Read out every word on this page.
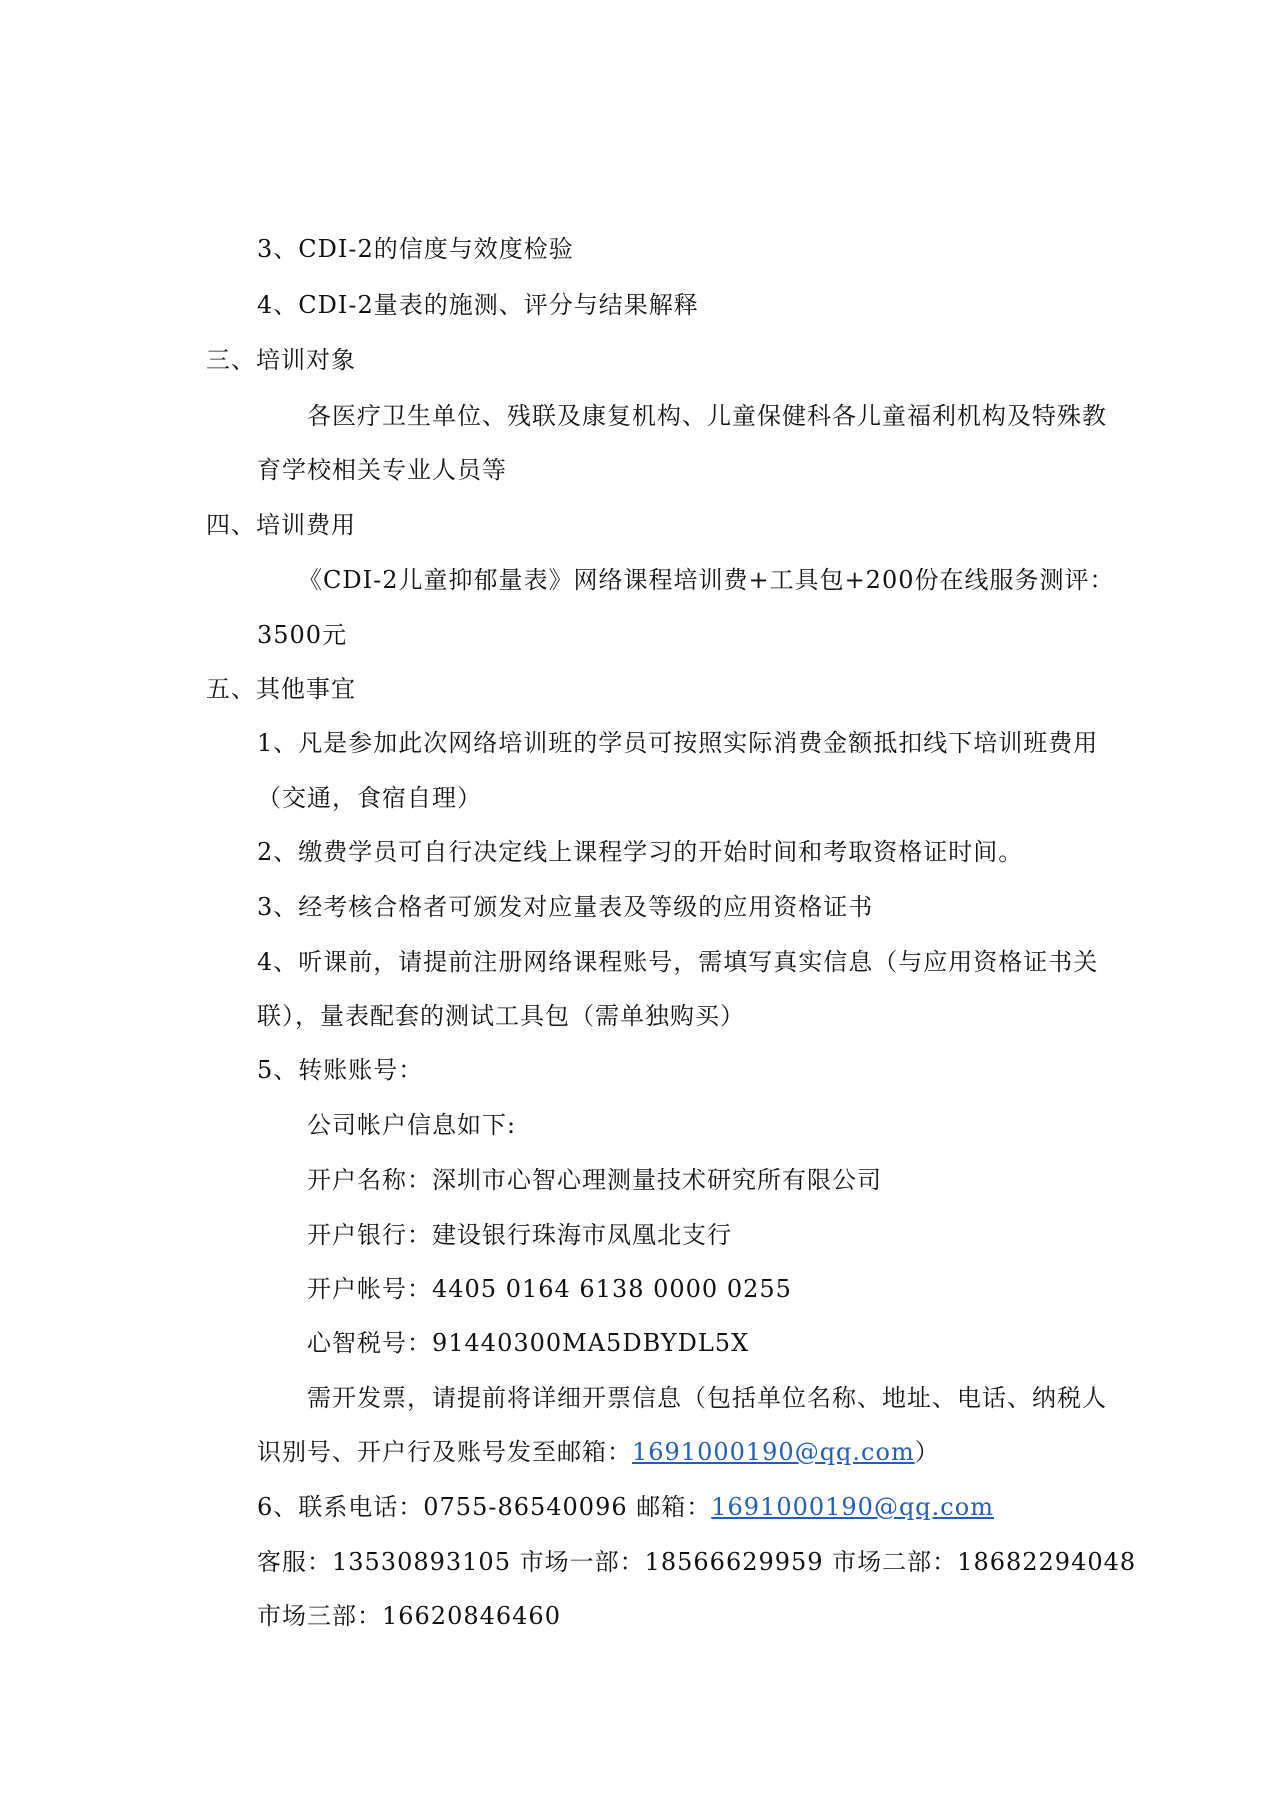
3、CDI-2的信度与效度检验
4、CDI-2量表的施测、评分与结果解释
三、培训对象
各医疗卫生单位、残联及康复机构、儿童保健科各儿童福利机构及特殊教
育学校相关专业人员等
四、培训费用
《CDI-2儿童抑郁量表》网络课程培训费+工具包+200份在线服务测评：
3500元
五、其他事宜
1、凡是参加此次网络培训班的学员可按照实际消费金额抵扣线下培训班费用
（交通，食宿自理）
2、缴费学员可自行决定线上课程学习的开始时间和考取资格证时间。
3、经考核合格者可颁发对应量表及等级的应用资格证书
4、听课前，请提前注册网络课程账号，需填写真实信息（与应用资格证书关
联），量表配套的测试工具包（需单独购买）
5、转账账号：
公司帐户信息如下:
开户名称：深圳市心智心理测量技术研究所有限公司
开户银行：建设银行珠海市凤凰北支行
开户帐号：4405 0164 6138 0000 0255
心智税号：91440300MA5DBYDL5X
需开发票，请提前将详细开票信息（包括单位名称、地址、电话、纳税人
识别号、开户行及账号发至邮箱：1691000190@qq.com）
6、联系电话：0755-86540096 邮箱：1691000190@qq.com
客服：13530893105 市场一部：18566629959 市场二部：18682294048
市场三部：16620846460
